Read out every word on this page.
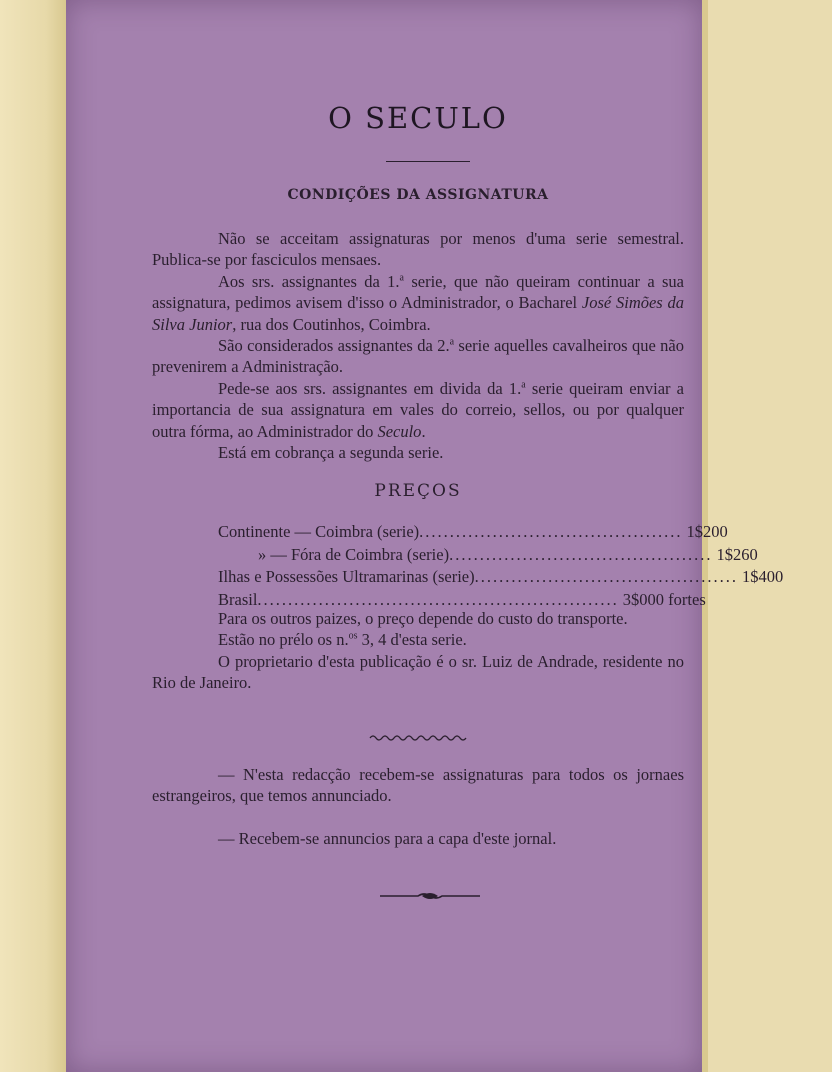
O SECULO
CONDIÇÕES DA ASSIGNATURA

Não se acceitam assignaturas por menos d'uma serie semestral. Publica-se por fasciculos mensaes.

Aos srs. assignantes da 1.$^a$ serie, que não queiram continuar a sua assignatura, pedimos avisem d'isso o Administrador, o Bacharel José Simões da Silva Junior, rua dos Coutinhos, Coimbra.

São considerados assignantes da 2.$^a$ serie aquelles cavalheiros que não prevenirem a Administração.

Pede-se aos srs. assignantes em divida da 1.$^a$ serie queiram enviar a importancia de sua assignatura em vales do correio, sellos, ou por qualquer outra fórma, ao Administrador do Seculo.

Está em cobrança a segunda serie.

PREÇOS
Continente — Coimbra (serie) ........................................... 1$200
» — Fóra de Coimbra (serie) ........................................... 1$260
Ilhas e Possessões Ultramarinas (serie) ........................................... 1$400
Brasil ........................................................... 3$000 fortes

Para os outros paizes, o preço depende do custo do transporte.

Estão no prélo os n.$^{os}$ 3, 4 d'esta serie.

O proprietario d'esta publicação é o sr. Luiz de Andrade, residente no Rio de Janeiro.

— N'esta redacção recebem-se assignaturas para todos os jornaes estrangeiros, que temos annunciado.

— Recebem-se annuncios para a capa d'este jornal.
